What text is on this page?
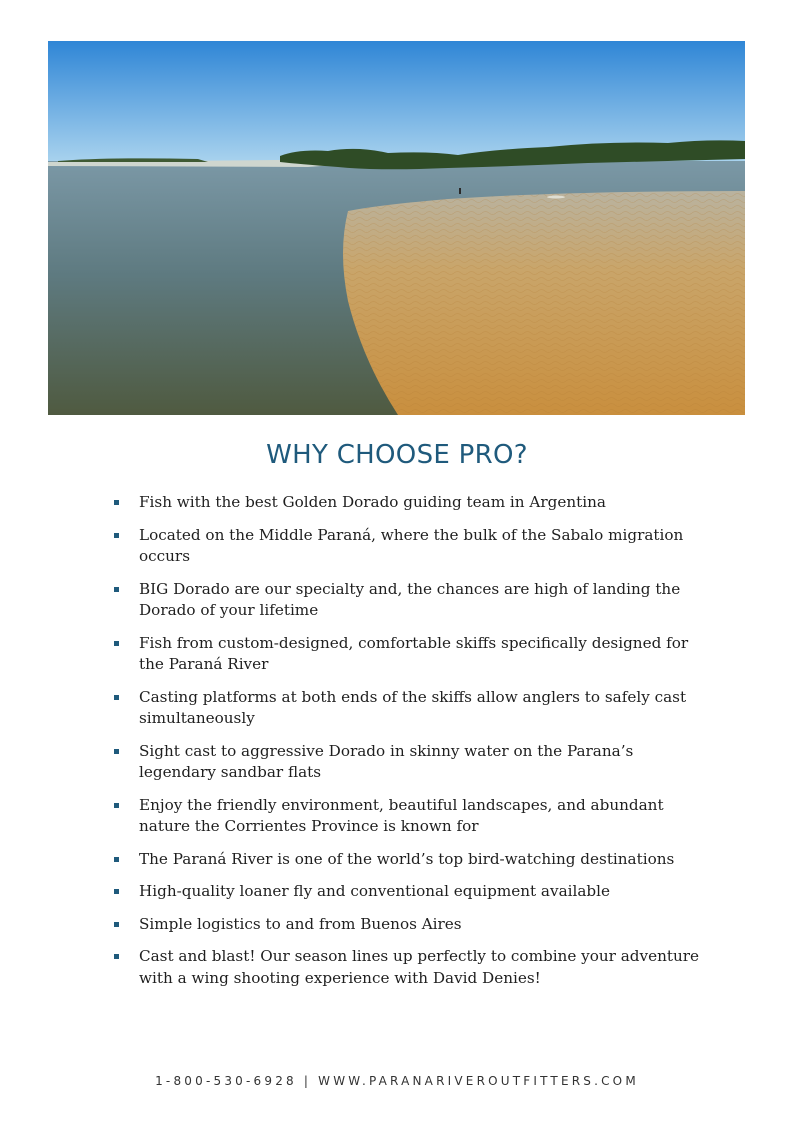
WHY CHOOSE PRO?
Fish with the best Golden Dorado guiding team in Argentina
Located on the Middle Paraná, where the bulk of the Sabalo migration occurs
BIG Dorado are our specialty and, the chances are high of landing the Dorado of your lifetime
Fish from custom-designed, comfortable skiffs specifically designed for the Paraná River
Casting platforms at both ends of the skiffs allow anglers to safely cast simultaneously
Sight cast to aggressive Dorado in skinny water on the Parana’s legendary sandbar flats
Enjoy the friendly environment, beautiful landscapes, and abundant nature the Corrientes Province is known for
The Paraná River is one of the world’s top bird-watching destinations
High-quality loaner fly and conventional equipment available
Simple logistics to and from Buenos Aires
Cast and blast! Our season lines up perfectly to combine your adventure with a wing shooting experience with David Denies!

1-800-530-6928 | WWW.PARANARIVEROUTFITTERS.COM
